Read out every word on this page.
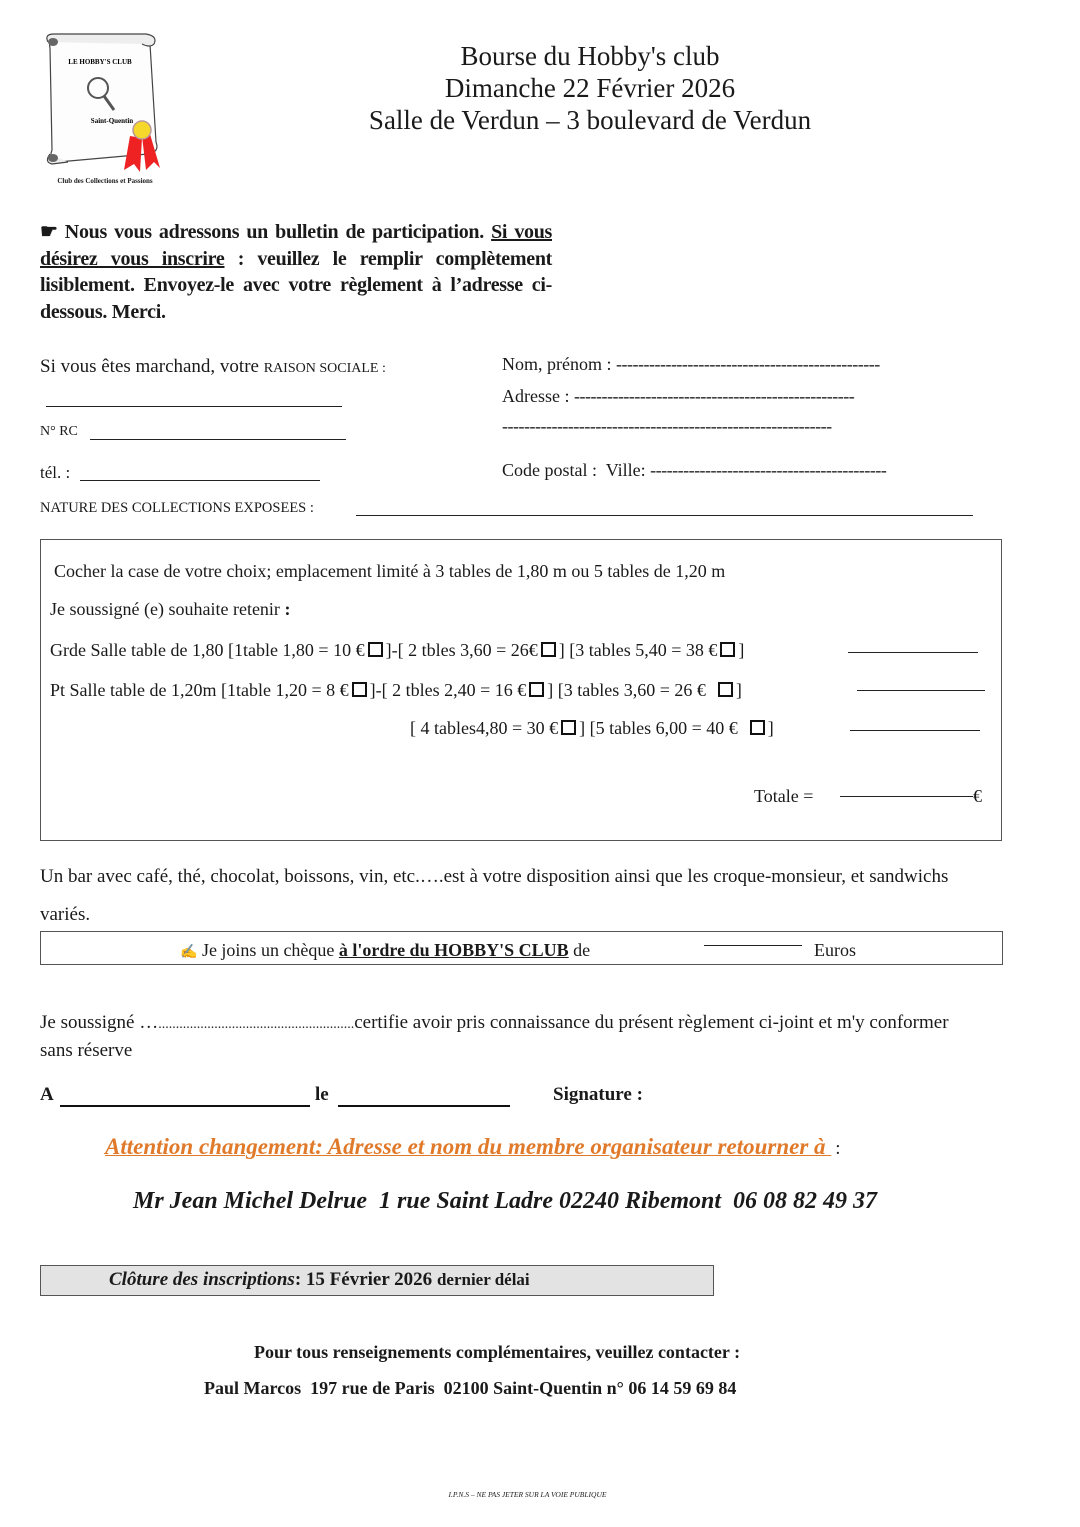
LE HOBBY'S CLUB
Saint-Quentin
Club des Collections et Passions
Bourse du Hobby's club
Dimanche 22 Février 2026
Salle de Verdun – 3 boulevard de Verdun
☛ Nous vous adressons un bulletin de participation. Si vous désirez vous inscrire : veuillez le remplir complètement lisiblement. Envoyez-le avec votre règlement à l’adresse ci-dessous. Merci.
Si vous êtes marchand, votre RAISON SOCIALE :
N° RC
tél. :
NATURE DES COLLECTIONS EXPOSEES :
Nom, prénom : ------------------------------------------------
Adresse : ---------------------------------------------------
------------------------------------------------------------
Code postal : Ville: -------------------------------------------
Cocher la case de votre choix; emplacement limité à 3 tables de 1,80 m ou 5 tables de 1,20 m
Je soussigné (e) souhaite retenir :
Grde Salle table de 1,80 [1table 1,80 = 10 € ]-[ 2 tbles 3,60 = 26€ ] [3 tables 5,40 = 38 € ]
Pt Salle table de 1,20m [1table 1,20 = 8 € ]-[ 2 tbles 2,40 = 16 € ] [3 tables 3,60 = 26 € ]
[ 4 tables4,80 = 30 € ] [5 tables 6,00 = 40 € ]
Totale =	€
Un bar avec café, thé, chocolat, boissons, vin, etc.….est à votre disposition ainsi que les croque-monsieur, et sandwichs variés.
✍ Je joins un chèque à l'ordre du HOBBY'S CLUB de	Euros
Je soussigné …........................................................certifie avoir pris connaissance du présent règlement ci-joint et m'y conformer sans réserve
A	le	Signature :
Attention changement: Adresse et nom du membre organisateur retourner à :
Mr Jean Michel Delrue  1 rue Saint Ladre 02240 Ribemont  06 08 82 49 37
Clôture des inscriptions: 15 Février 2026 dernier délai
Pour tous renseignements complémentaires, veuillez contacter :
Paul Marcos  197 rue de Paris  02100 Saint-Quentin n° 06 14 59 69 84
I.P.N.S – NE PAS JETER SUR LA VOIE PUBLIQUE
